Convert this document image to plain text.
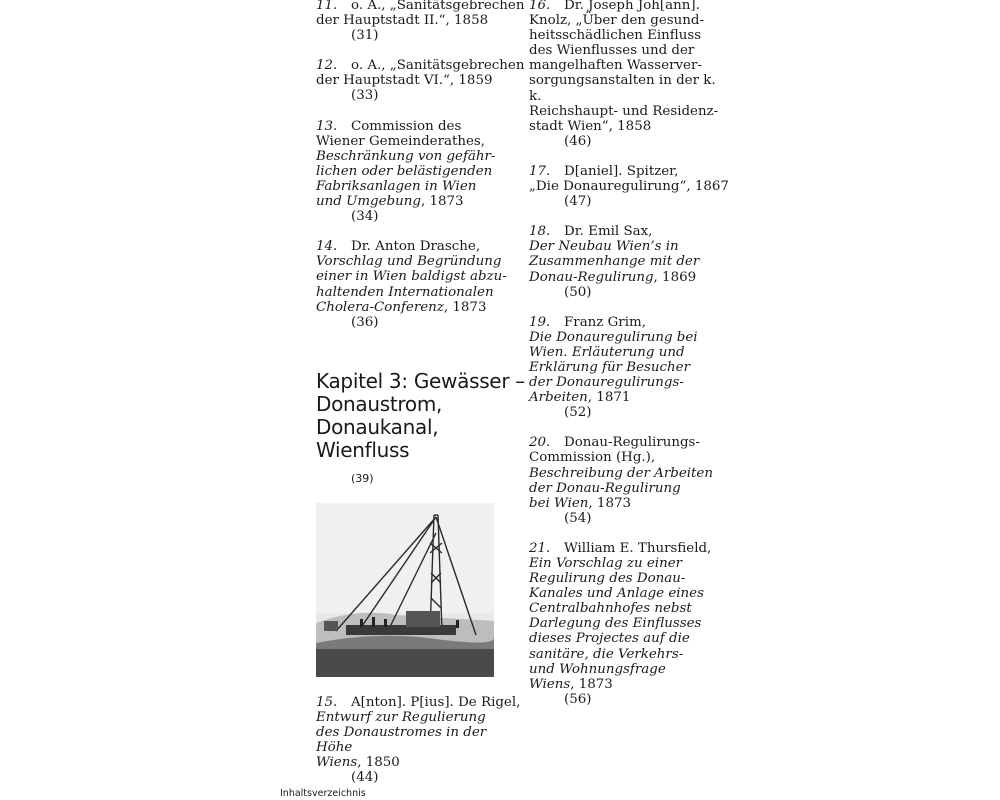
11. o. A., „Sanitätsgebrechen
der Hauptstadt II.“, 1858
(31)
12. o. A., „Sanitätsgebrechen
der Hauptstadt VI.“, 1859
(33)
13. Commission des
Wiener Gemeinderathes,
Beschränkung von gefähr-
lichen oder belästigenden
Fabriksanlagen in Wien
und Umgebung, 1873
(34)
14. Dr. Anton Drasche,
Vorschlag und Begründung
einer in Wien baldigst abzu-
haltenden Internationalen
Cholera-Conferenz, 1873
(36)
Kapitel 3: Gewässer – Donaustrom, Donaukanal, Wienfluss
(39)
15. A[nton]. P[ius]. De Rigel,
Entwurf zur Regulierung
des Donaustromes in der Höhe
Wiens, 1850
(44)
16. Dr. Joseph Joh[ann].
Knolz, „Über den gesund-
heitsschädlichen Einfluss
des Wienflusses und der
mangelhaften Wasserver-
sorgungsanstalten in der k. k.
Reichshaupt- und Residenz-
stadt Wien“, 1858
(46)
17. D[aniel]. Spitzer,
„Die Donauregulirung“, 1867
(47)
18. Dr. Emil Sax,
Der Neubau Wien’s in
Zusammenhange mit der
Donau-Regulirung, 1869
(50)
19. Franz Grim,
Die Donauregulirung bei
Wien. Erläuterung und
Erklärung für Besucher
der Donauregulirungs-
Arbeiten, 1871
(52)
20. Donau-Regulirungs-
Commission (Hg.),
Beschreibung der Arbeiten
der Donau-Regulirung
bei Wien, 1873
(54)
21. William E. Thursfield,
Ein Vorschlag zu einer
Regulirung des Donau-
Kanales und Anlage eines
Centralbahnhofes nebst
Darlegung des Einflusses
dieses Projectes auf die
sanitäre, die Verkehrs-
und Wohnungsfrage
Wiens, 1873
(56)
Inhaltsverzeichnis
